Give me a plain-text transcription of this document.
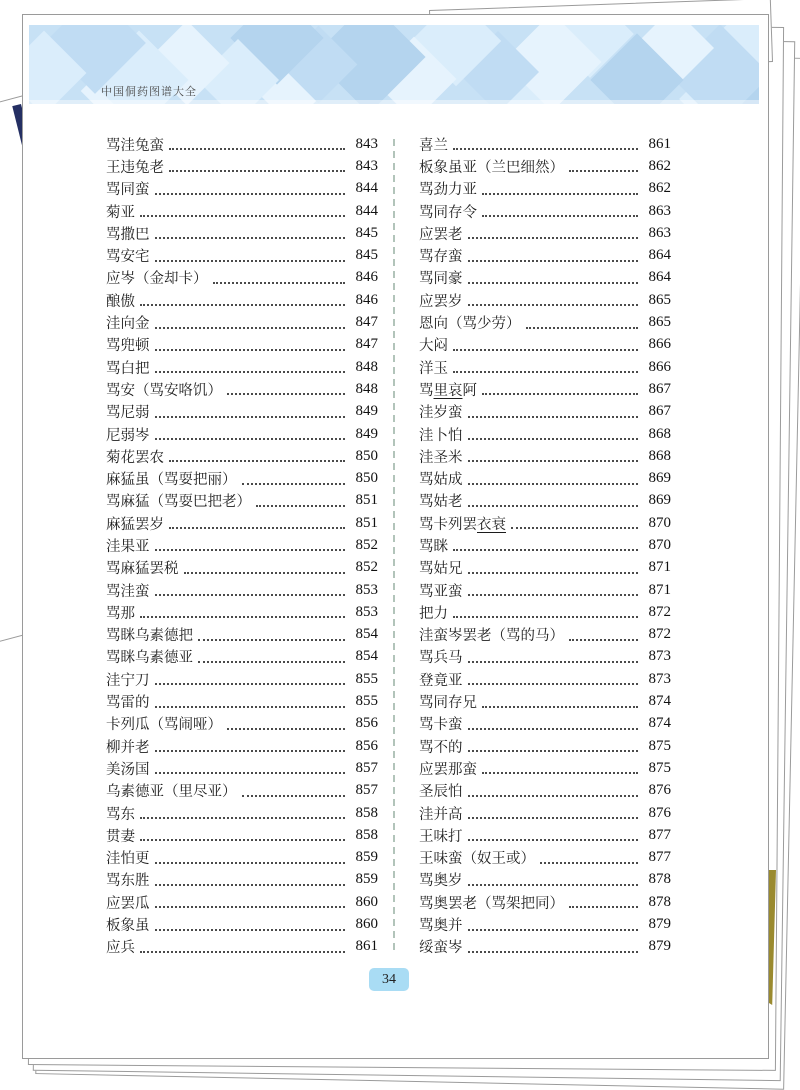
中国侗药图谱大全
骂洼兔蛮	843
王违兔老	843
骂同蛮	844
菊亚	844
骂撒巴	845
骂安宅	845
应岑（金却卡）	846
酿傲	846
洼向金	847
骂兜顿	847
骂白把	848
骂安（骂安咯饥）	848
骂尼弱	849
尼弱岑	849
菊花罢农	850
麻猛虽（骂耍把丽）	850
骂麻猛（骂耍巴把老）	851
麻猛罢岁	851
洼果亚	852
骂麻猛罢税	852
骂洼蛮	853
骂那	853
骂眯乌素德把	854
骂眯乌素德亚	854
洼宁刀	855
骂雷的	855
卡列瓜（骂闹哑）	856
柳并老	856
美汤国	857
乌素德亚（里尽亚）	857
骂东	858
贯妻	858
洼怕更	859
骂东胜	859
应罢瓜	860
板象虽	860
应兵	861
喜兰	861
板象虽亚（兰巴细然）	862
骂劲力亚	862
骂同存令	863
应罢老	863
骂存蛮	864
骂同豪	864
应罢岁	865
恩向（骂少劳）	865
大闷	866
洋玉	866
骂里哀阿	867
洼岁蛮	867
洼卜怕	868
洼圣米	868
骂姑成	869
骂姑老	869
骂卡列罢衣衰	870
骂眯	870
骂姑兄	871
骂亚蛮	871
把力	872
洼蛮岑罢老（骂的马）	872
骂兵马	873
登竟亚	873
骂同存兄	874
骂卡蛮	874
骂不的	875
应罢那蛮	875
圣辰怕	876
洼并高	876
王味打	877
王味蛮（奴王或）	877
骂奥岁	878
骂奥罢老（骂架把同）	878
骂奥并	879
绥蛮岑	879
34
